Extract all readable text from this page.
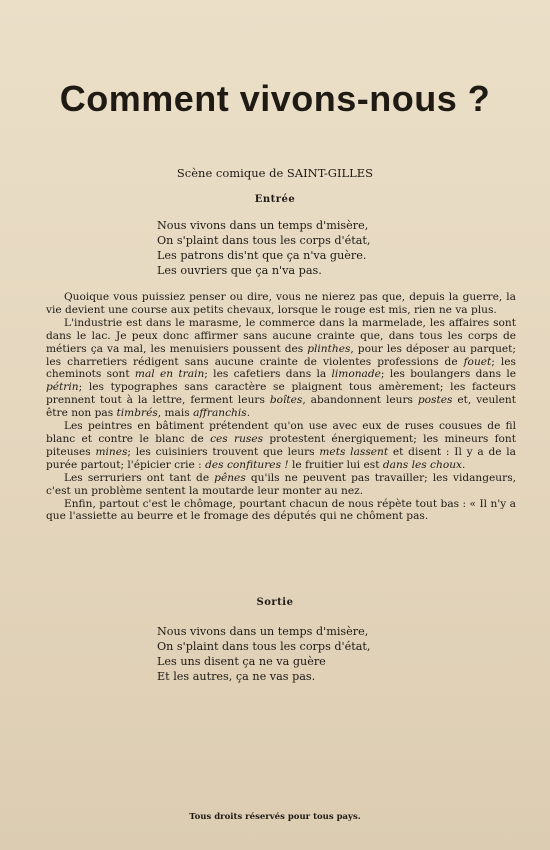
Comment vivons-nous ?

Scène comique de SAINT-GILLES

Entrée

Nous vivons dans un temps d'misère,
On s'plaint dans tous les corps d'état,
Les patrons dis'nt que ça n'va guère.
Les ouvriers que ça n'va pas.

Quoique vous puissiez penser ou dire, vous ne nierez pas que, depuis la guerre, la vie devient une course aux petits chevaux, lorsque le rouge est mis, rien ne va plus.

L'industrie est dans le marasme, le commerce dans la marmelade, les affaires sont dans le lac. Je peux donc affirmer sans aucune crainte que, dans tous les corps de métiers ça va mal, les menuisiers poussent des plinthes, pour les déposer au parquet; les charretiers rédigent sans aucune crainte de violentes professions de fouet; les cheminots sont mal en train; les cafetiers dans la limonade; les boulangers dans le pétrin; les typographes sans caractère se plaignent tous amèrement; les facteurs prennent tout à la lettre, ferment leurs boîtes, abandonnent leurs postes et, veulent être non pas timbrés, mais affranchis.

Les peintres en bâtiment prétendent qu'on use avec eux de ruses cousues de fil blanc et contre le blanc de ces ruses protestent énergiquement; les mineurs font piteuses mines; les cuisiniers trouvent que leurs mets lassent et disent : Il y a de la purée partout; l'épicier crie : des confitures ! le fruitier lui est dans les choux.

Les serruriers ont tant de pênes qu'ils ne peuvent pas travailler; les vidangeurs, c'est un problème sentent la moutarde leur monter au nez.

Enfin, partout c'est le chômage, pourtant chacun de nous répète tout bas : « Il n'y a que l'assiette au beurre et le fromage des députés qui ne chôment pas.

Sortie

Nous vivons dans un temps d'misère,
On s'plaint dans tous les corps d'état,
Les uns disent ça ne va guère
Et les autres, ça ne vas pas.

Tous droits réservés pour tous pays.
